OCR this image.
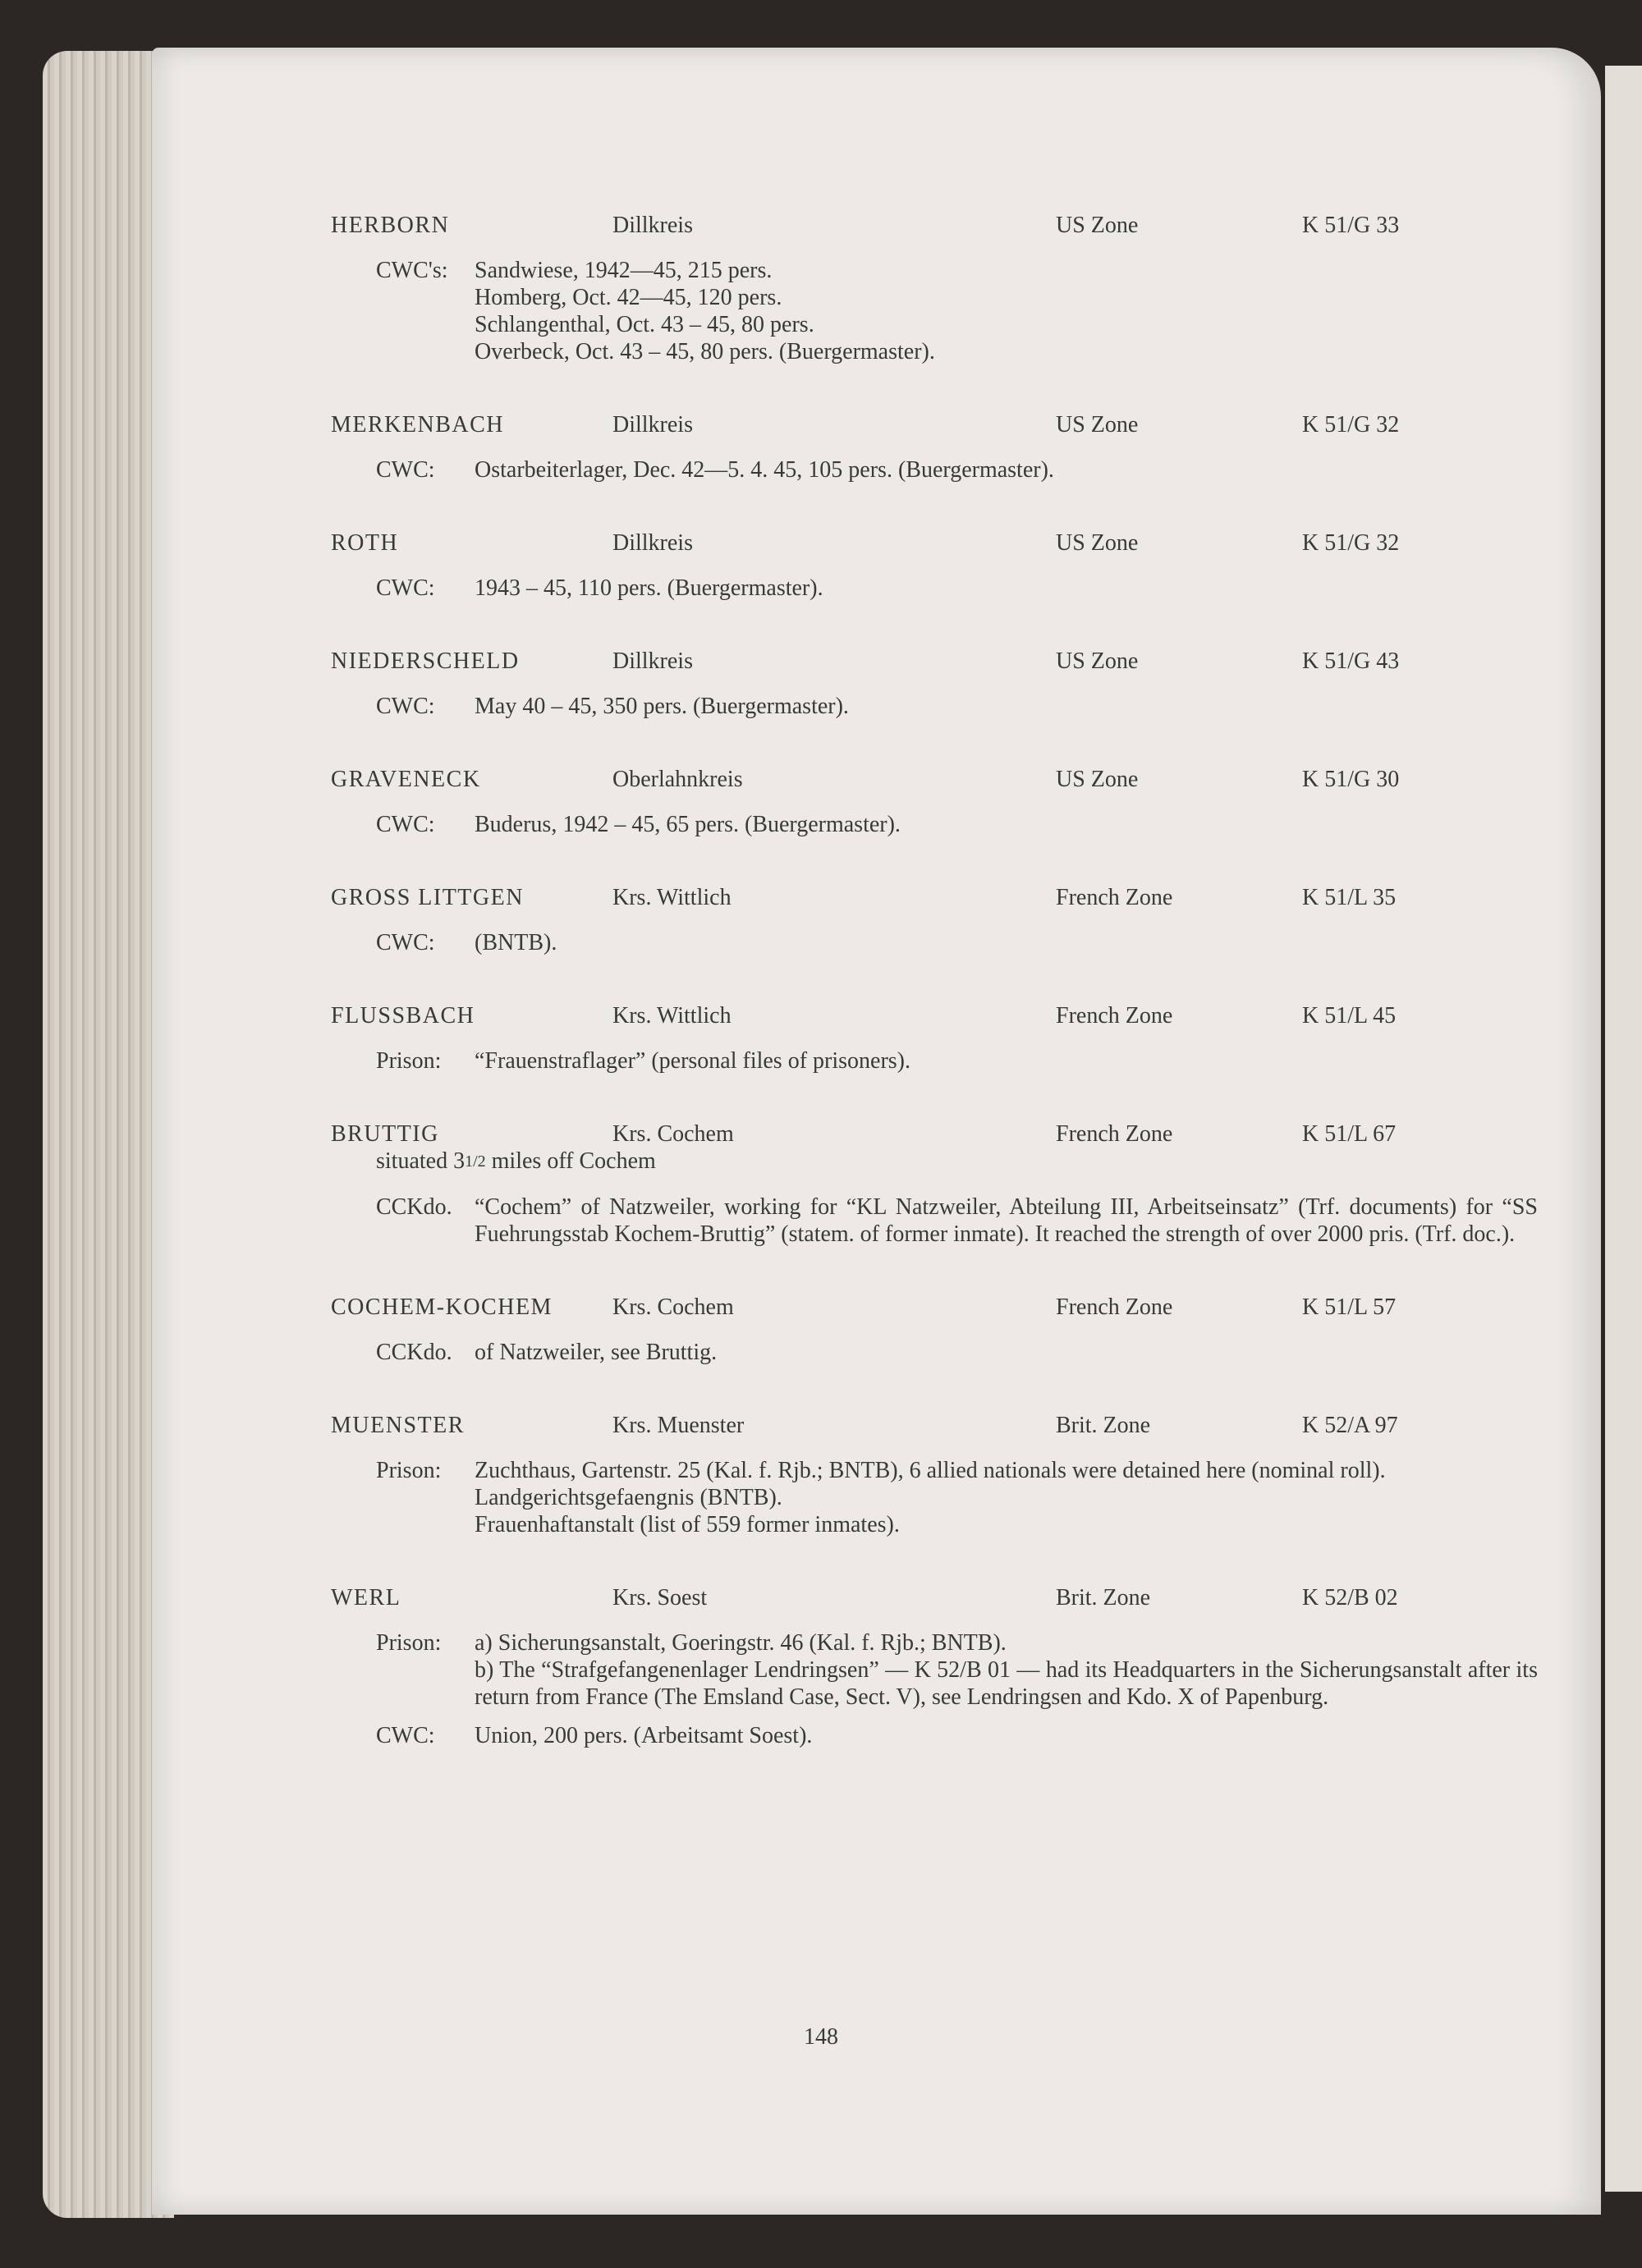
HERBORN	Dillkreis	US Zone	K 51/G 33
CWC's:	Sandwiese, 1942—45, 215 pers.
Homberg, Oct. 42—45, 120 pers.
Schlangenthal, Oct. 43 – 45, 80 pers.
Overbeck, Oct. 43 – 45, 80 pers. (Buergermaster).
MERKENBACH	Dillkreis	US Zone	K 51/G 32
CWC:	Ostarbeiterlager, Dec. 42—5. 4. 45, 105 pers. (Buergermaster).
ROTH	Dillkreis	US Zone	K 51/G 32
CWC:	1943 – 45, 110 pers. (Buergermaster).
NIEDERSCHELD	Dillkreis	US Zone	K 51/G 43
CWC:	May 40 – 45, 350 pers. (Buergermaster).
GRAVENECK	Oberlahnkreis	US Zone	K 51/G 30
CWC:	Buderus, 1942 – 45, 65 pers. (Buergermaster).
GROSS LITTGEN	Krs. Wittlich	French Zone	K 51/L 35
CWC:	(BNTB).
FLUSSBACH	Krs. Wittlich	French Zone	K 51/L 45
Prison:	“Frauenstraflager” (personal files of prisoners).
BRUTTIG	Krs. Cochem	French Zone	K 51/L 67
situated 31/2 miles off Cochem
CCKdo. “Cochem” of Natzweiler, working for “KL Natzweiler, Abteilung III, Arbeitseinsatz” (Trf. documents) for “SS Fuehrungsstab Kochem-Bruttig” (statem. of former inmate). It reached the strength of over 2000 pris. (Trf. doc.).
COCHEM-KOCHEM	Krs. Cochem	French Zone	K 51/L 57
CCKdo. of Natzweiler, see Bruttig.
MUENSTER	Krs. Muenster	Brit. Zone	K 52/A 97
Prison:	Zuchthaus, Gartenstr. 25 (Kal. f. Rjb.; BNTB), 6 allied nationals were detained here (nominal roll).
Landgerichtsgefaengnis (BNTB).
Frauenhaftanstalt (list of 559 former inmates).
WERL	Krs. Soest	Brit. Zone	K 52/B 02
Prison:	a) Sicherungsanstalt, Goeringstr. 46 (Kal. f. Rjb.; BNTB).
b) The “Strafgefangenenlager Lendringsen” — K 52/B 01 — had its Headquarters in the Sicherungsanstalt after its return from France (The Emsland Case, Sect. V), see Lendringsen and Kdo. X of Papenburg.
CWC:	Union, 200 pers. (Arbeitsamt Soest).
148
